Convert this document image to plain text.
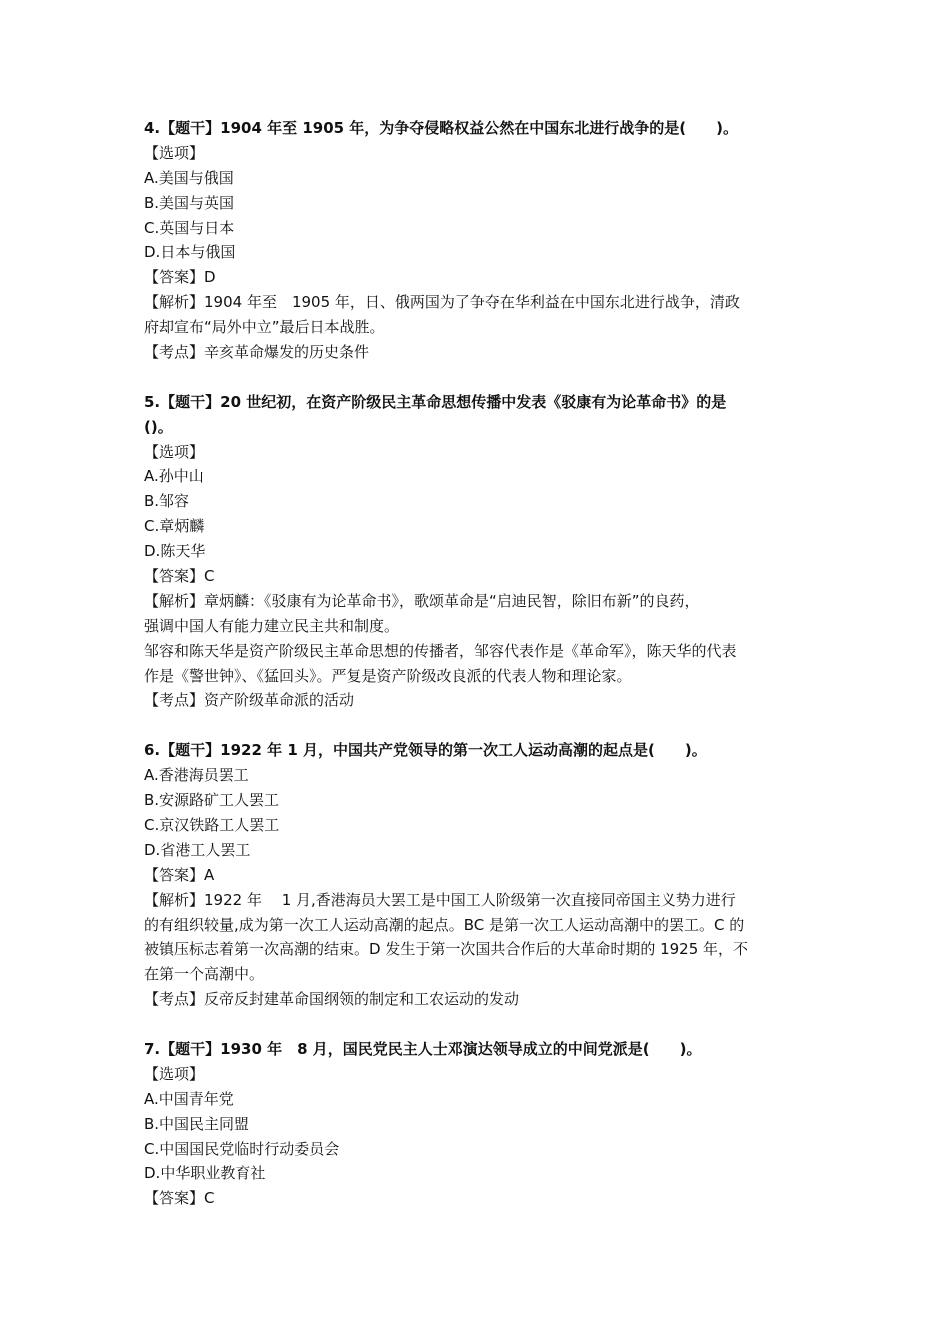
4.【题干】1904 年至 1905 年，为争夺侵略权益公然在中国东北进行战争的是(　　)。
【选项】
A.美国与俄国
B.美国与英国
C.英国与日本
D.日本与俄国
【答案】D
【解析】1904 年至　1905 年，日、俄两国为了争夺在华利益在中国东北进行战争，清政
府却宣布“局外中立”最后日本战胜。
【考点】辛亥革命爆发的历史条件
5.【题干】20 世纪初，在资产阶级民主革命思想传播中发表《驳康有为论革命书》的是
()。
【选项】
A.孙中山
B.邹容
C.章炳麟
D.陈天华
【答案】C
【解析】章炳麟：《驳康有为论革命书》，歌颂革命是“启迪民智，除旧布新”的良药，
强调中国人有能力建立民主共和制度。
邹容和陈天华是资产阶级民主革命思想的传播者，邹容代表作是《革命军》，陈天华的代表
作是《警世钟》、《猛回头》。严复是资产阶级改良派的代表人物和理论家。
【考点】资产阶级革命派的活动
6.【题干】1922 年 1 月，中国共产党领导的第一次工人运动高潮的起点是(　　)。
A.香港海员罢工
B.安源路矿工人罢工
C.京汉铁路工人罢工
D.省港工人罢工
【答案】A
【解析】1922 年　 1 月,香港海员大罢工是中国工人阶级第一次直接同帝国主义势力进行
的有组织较量,成为第一次工人运动高潮的起点。BC 是第一次工人运动高潮中的罢工。C 的
被镇压标志着第一次高潮的结束。D 发生于第一次国共合作后的大革命时期的 1925 年，不
在第一个高潮中。
【考点】反帝反封建革命国纲领的制定和工农运动的发动
7.【题干】1930 年　8 月，国民党民主人士邓演达领导成立的中间党派是(　　)。
【选项】
A.中国青年党
B.中国民主同盟
C.中国国民党临时行动委员会
D.中华职业教育社
【答案】C
